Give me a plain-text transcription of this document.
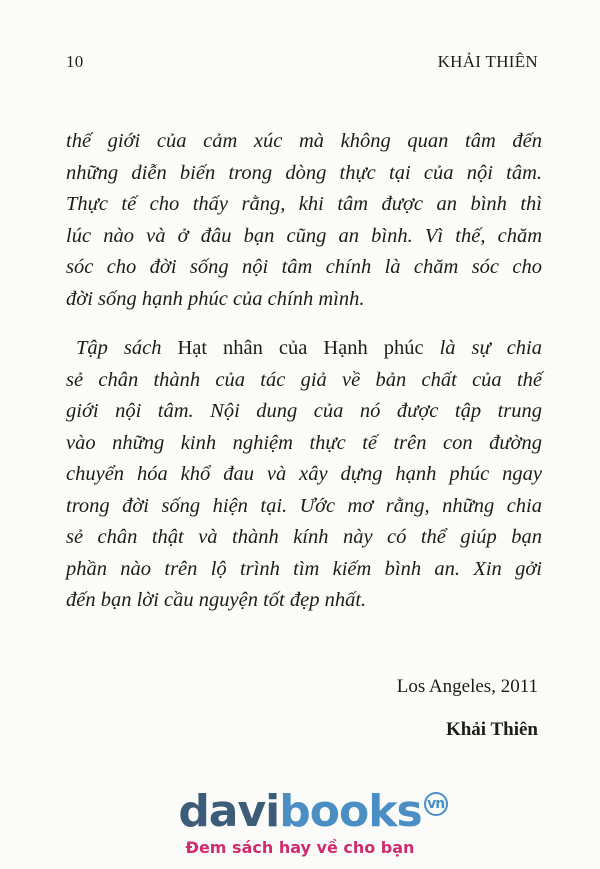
10	KHẢI THIÊN
thế giới của cảm xúc mà không quan tâm đến
những diễn biến trong dòng thực tại của nội tâm.
Thực tế cho thấy rằng, khi tâm được an bình thì
lúc nào và ở đâu bạn cũng an bình. Vì thế, chăm
sóc cho đời sống nội tâm chính là chăm sóc cho
đời sống hạnh phúc của chính mình.
Tập sách Hạt nhân của Hạnh phúc là sự chia
sẻ chân thành của tác giả về bản chất của thế
giới nội tâm. Nội dung của nó được tập trung
vào những kinh nghiệm thực tế trên con đường
chuyển hóa khổ đau và xây dựng hạnh phúc ngay
trong đời sống hiện tại. Ước mơ rằng, những chia
sẻ chân thật và thành kính này có thể giúp bạn
phần nào trên lộ trình tìm kiếm bình an. Xin gởi
đến bạn lời cầu nguyện tốt đẹp nhất.
Los Angeles, 2011
Khải Thiên
davibooks vn
Đem sách hay về cho bạn
